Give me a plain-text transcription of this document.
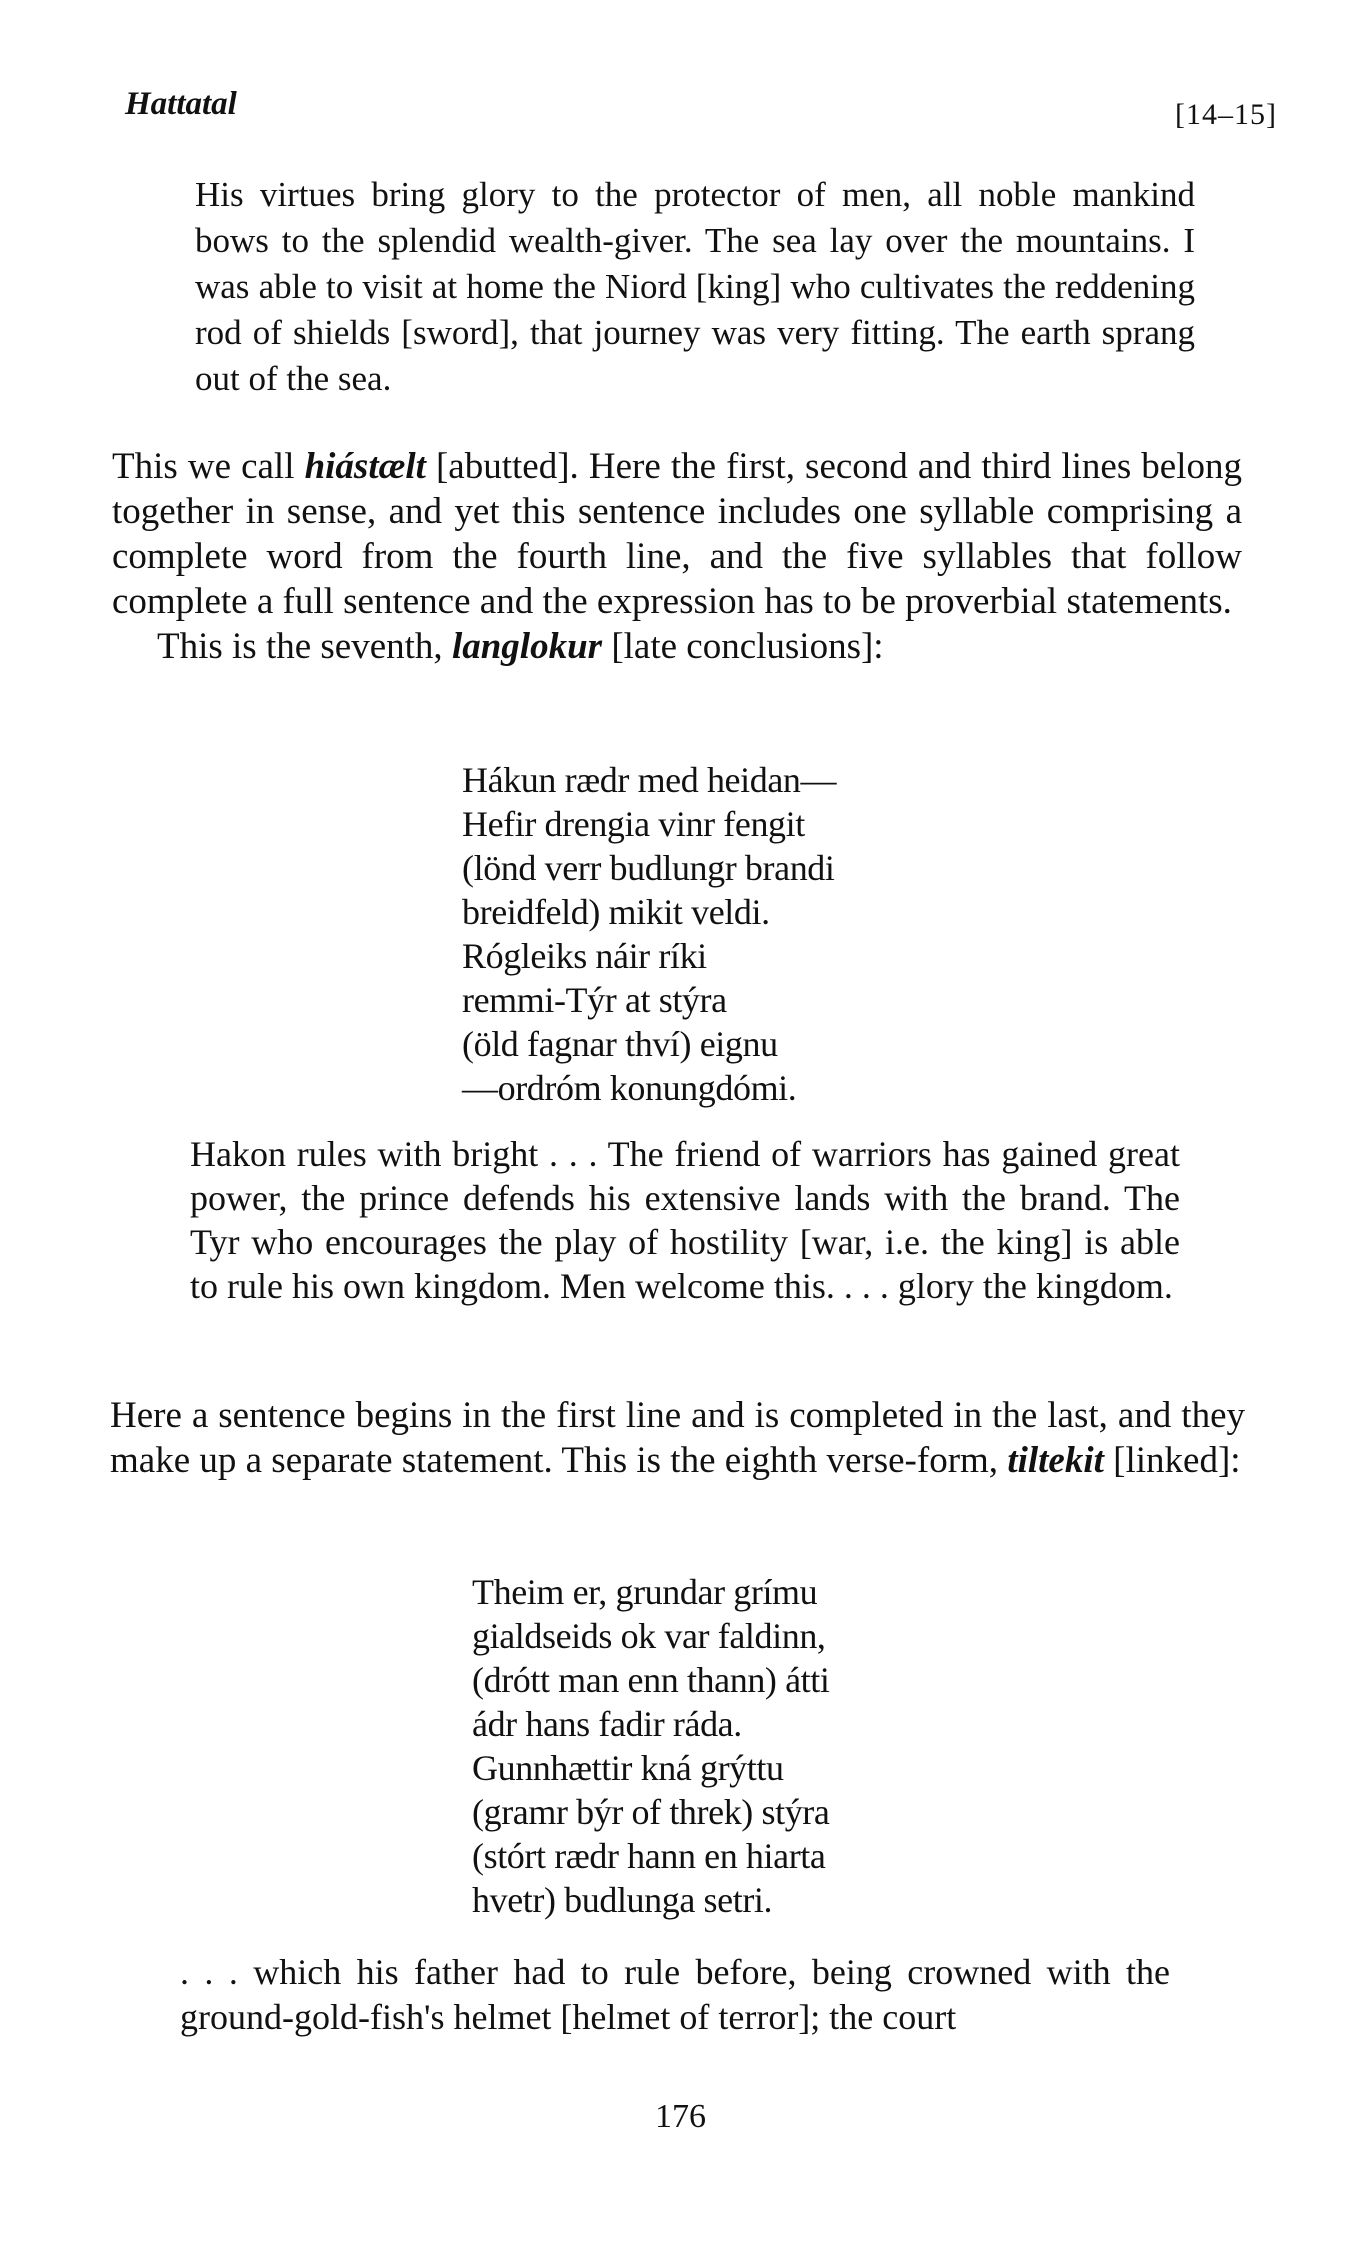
Hattatal	[14–15]

His virtues bring glory to the protector of men, all noble mankind bows to the splendid wealth-giver. The sea lay over the mountains. I was able to visit at home the Niord [king] who cultivates the reddening rod of shields [sword], that journey was very fitting. The earth sprang out of the sea.

This we call hiástælt [abutted]. Here the first, second and third lines belong together in sense, and yet this sentence includes one syllable comprising a complete word from the fourth line, and the five syllables that follow complete a full sentence and the expression has to be proverbial statements.

This is the seventh, langlokur [late conclusions]:

Hákun rædr med heidan—
Hefir drengia vinr fengit
(lönd verr budlungr brandi
breidfeld) mikit veldi.
Rógleiks náir ríki
remmi-Týr at stýra
(öld fagnar thví) eignu
—ordróm konungdómi.

Hakon rules with bright . . . The friend of warriors has gained great power, the prince defends his extensive lands with the brand. The Tyr who encourages the play of hostility [war, i.e. the king] is able to rule his own kingdom. Men welcome this. . . . glory the kingdom.

Here a sentence begins in the first line and is completed in the last, and they make up a separate statement. This is the eighth verse-form, tiltekit [linked]:

Theim er, grundar grímu
gialdseids ok var faldinn,
(drótt man enn thann) átti
ádr hans fadir ráda.
Gunnhættir kná grýttu
(gramr býr of threk) stýra
(stórt rædr hann en hiarta
hvetr) budlunga setri.

. . . which his father had to rule before, being crowned with the ground-gold-fish's helmet [helmet of terror]; the court

176
